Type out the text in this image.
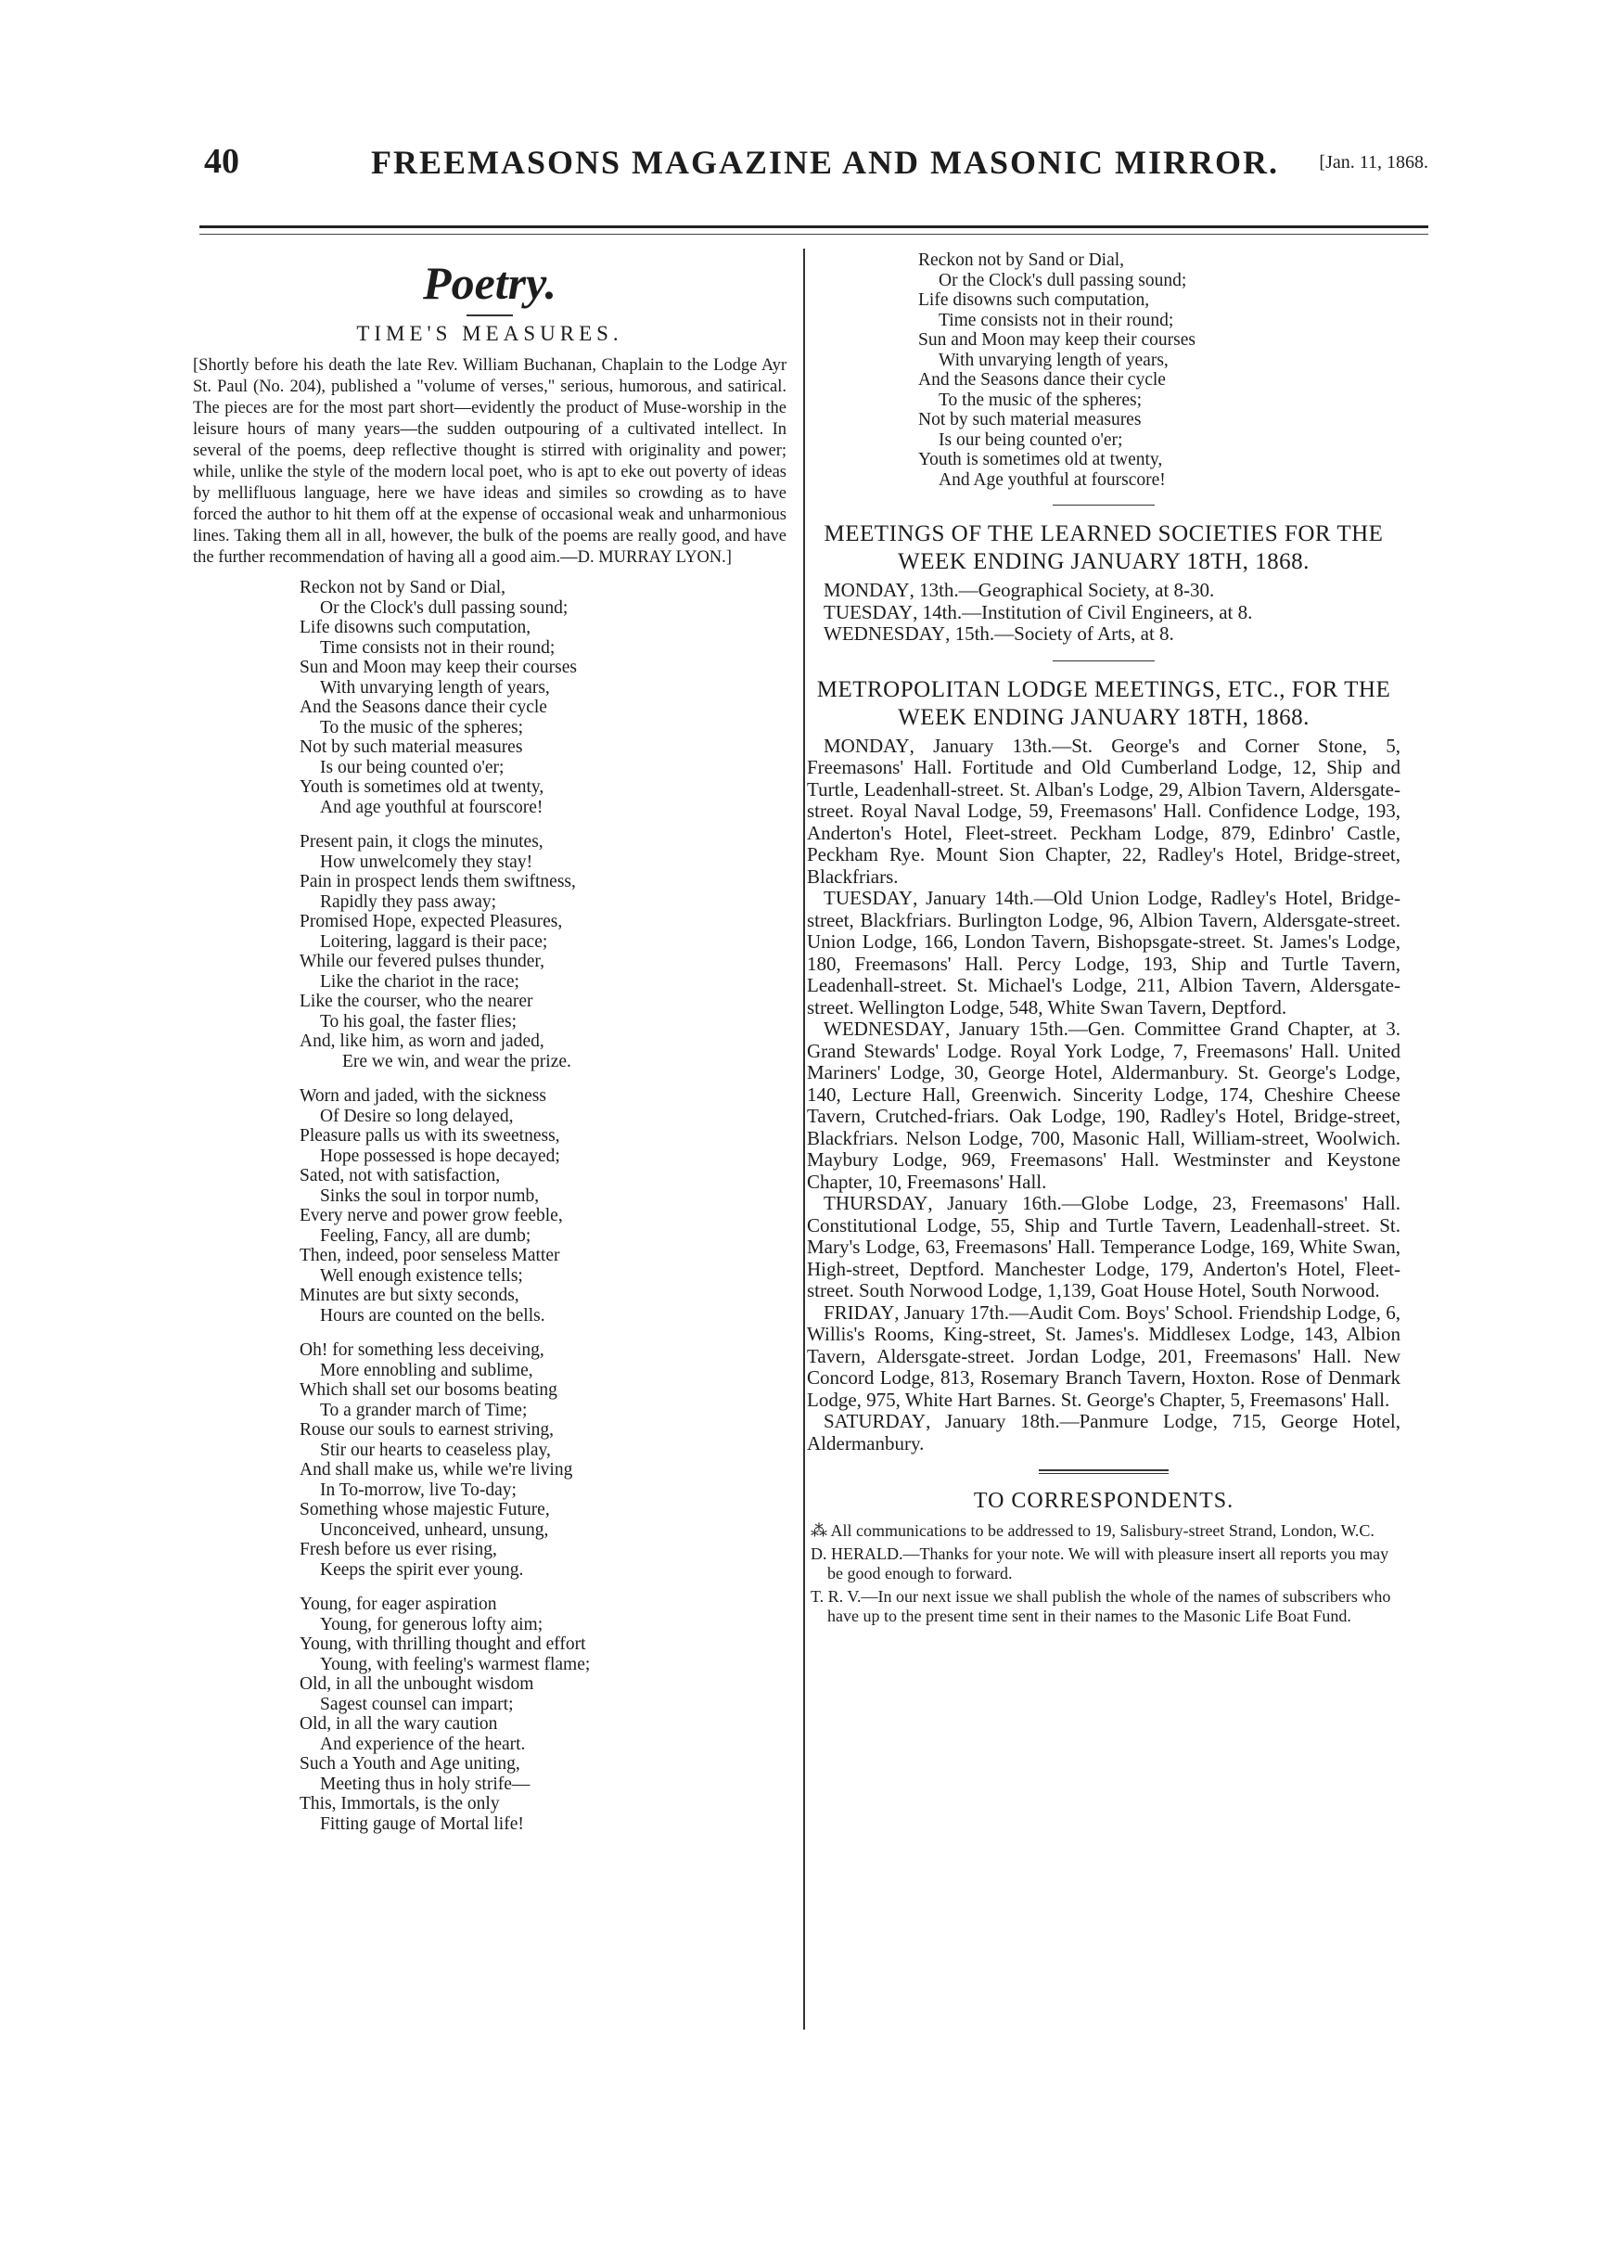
40	FREEMASONS MAGAZINE AND MASONIC MIRROR. [Jan. 11, 1868.
Poetry.
TIME'S MEASURES.

[Shortly before his death the late Rev. William Buchanan, Chaplain to the Lodge Ayr St. Paul (No. 204), published a "volume of verses," serious, humorous, and satirical. The pieces are for the most part short—evidently the product of Muse-worship in the leisure hours of many years—the sudden outpouring of a cultivated intellect. In several of the poems, deep reflective thought is stirred with originality and power; while, unlike the style of the modern local poet, who is apt to eke out poverty of ideas by mellifluous language, here we have ideas and similes so crowding as to have forced the author to hit them off at the expense of occasional weak and unharmonious lines. Taking them all in all, however, the bulk of the poems are really good, and have the further recommendation of having all a good aim.—D. MURRAY LYON.]

Reckon not by Sand or Dial,
Or the Clock's dull passing sound;
Life disowns such computation,
Time consists not in their round;
Sun and Moon may keep their courses
With unvarying length of years,
And the Seasons dance their cycle
To the music of the spheres;
Not by such material measures
Is our being counted o'er;
Youth is sometimes old at twenty,
And age youthful at fourscore!
Present pain, it clogs the minutes,
How unwelcomely they stay!
Pain in prospect lends them swiftness,
Rapidly they pass away;
Promised Hope, expected Pleasures,
Loitering, laggard is their pace;
While our fevered pulses thunder,
Like the chariot in the race;
Like the courser, who the nearer
To his goal, the faster flies;
And, like him, as worn and jaded,
Ere we win, and wear the prize.
Worn and jaded, with the sickness
Of Desire so long delayed,
Pleasure palls us with its sweetness,
Hope possessed is hope decayed;
Sated, not with satisfaction,
Sinks the soul in torpor numb,
Every nerve and power grow feeble,
Feeling, Fancy, all are dumb;
Then, indeed, poor senseless Matter
Well enough existence tells;
Minutes are but sixty seconds,
Hours are counted on the bells.
Oh! for something less deceiving,
More ennobling and sublime,
Which shall set our bosoms beating
To a grander march of Time;
Rouse our souls to earnest striving,
Stir our hearts to ceaseless play,
And shall make us, while we're living
In To-morrow, live To-day;
Something whose majestic Future,
Unconceived, unheard, unsung,
Fresh before us ever rising,
Keeps the spirit ever young.
Young, for eager aspiration
Young, for generous lofty aim;
Young, with thrilling thought and effort
Young, with feeling's warmest flame;
Old, in all the unbought wisdom
Sagest counsel can impart;
Old, in all the wary caution
And experience of the heart.
Such a Youth and Age uniting,
Meeting thus in holy strife—
This, Immortals, is the only
Fitting gauge of Mortal life!
Reckon not by Sand or Dial,
Or the Clock's dull passing sound;
Life disowns such computation,
Time consists not in their round;
Sun and Moon may keep their courses
With unvarying length of years,
And the Seasons dance their cycle
To the music of the spheres;
Not by such material measures
Is our being counted o'er;
Youth is sometimes old at twenty,
And Age youthful at fourscore!
MEETINGS OF THE LEARNED SOCIETIES FOR THE WEEK ENDING JANUARY 18TH, 1868.

MONDAY, 13th.—Geographical Society, at 8-30.

TUESDAY, 14th.—Institution of Civil Engineers, at 8.

WEDNESDAY, 15th.—Society of Arts, at 8.

METROPOLITAN LODGE MEETINGS, ETC., FOR THE WEEK ENDING JANUARY 18TH, 1868.

MONDAY, January 13th.—St. George's and Corner Stone, 5, Freemasons' Hall. Fortitude and Old Cumberland Lodge, 12, Ship and Turtle, Leadenhall-street. St. Alban's Lodge, 29, Albion Tavern, Aldersgate-street. Royal Naval Lodge, 59, Freemasons' Hall. Confidence Lodge, 193, Anderton's Hotel, Fleet-street. Peckham Lodge, 879, Edinbro' Castle, Peckham Rye. Mount Sion Chapter, 22, Radley's Hotel, Bridge-street, Blackfriars.

TUESDAY, January 14th.—Old Union Lodge, Radley's Hotel, Bridge-street, Blackfriars. Burlington Lodge, 96, Albion Tavern, Aldersgate-street. Union Lodge, 166, London Tavern, Bishopsgate-street. St. James's Lodge, 180, Freemasons' Hall. Percy Lodge, 193, Ship and Turtle Tavern, Leadenhall-street. St. Michael's Lodge, 211, Albion Tavern, Aldersgate-street. Wellington Lodge, 548, White Swan Tavern, Deptford.

WEDNESDAY, January 15th.—Gen. Committee Grand Chapter, at 3. Grand Stewards' Lodge. Royal York Lodge, 7, Freemasons' Hall. United Mariners' Lodge, 30, George Hotel, Aldermanbury. St. George's Lodge, 140, Lecture Hall, Greenwich. Sincerity Lodge, 174, Cheshire Cheese Tavern, Crutched-friars. Oak Lodge, 190, Radley's Hotel, Bridge-street, Blackfriars. Nelson Lodge, 700, Masonic Hall, William-street, Woolwich. Maybury Lodge, 969, Freemasons' Hall. Westminster and Keystone Chapter, 10, Freemasons' Hall.

THURSDAY, January 16th.—Globe Lodge, 23, Freemasons' Hall. Constitutional Lodge, 55, Ship and Turtle Tavern, Leadenhall-street. St. Mary's Lodge, 63, Freemasons' Hall. Temperance Lodge, 169, White Swan, High-street, Deptford. Manchester Lodge, 179, Anderton's Hotel, Fleet-street. South Norwood Lodge, 1,139, Goat House Hotel, South Norwood.

FRIDAY, January 17th.—Audit Com. Boys' School. Friendship Lodge, 6, Willis's Rooms, King-street, St. James's. Middlesex Lodge, 143, Albion Tavern, Aldersgate-street. Jordan Lodge, 201, Freemasons' Hall. New Concord Lodge, 813, Rosemary Branch Tavern, Hoxton. Rose of Denmark Lodge, 975, White Hart Barnes. St. George's Chapter, 5, Freemasons' Hall.

SATURDAY, January 18th.—Panmure Lodge, 715, George Hotel, Aldermanbury.

TO CORRESPONDENTS.

⁂ All communications to be addressed to 19, Salisbury-street Strand, London, W.C.

D. HERALD.—Thanks for your note. We will with pleasure insert all reports you may be good enough to forward.

T. R. V.—In our next issue we shall publish the whole of the names of subscribers who have up to the present time sent in their names to the Masonic Life Boat Fund.
